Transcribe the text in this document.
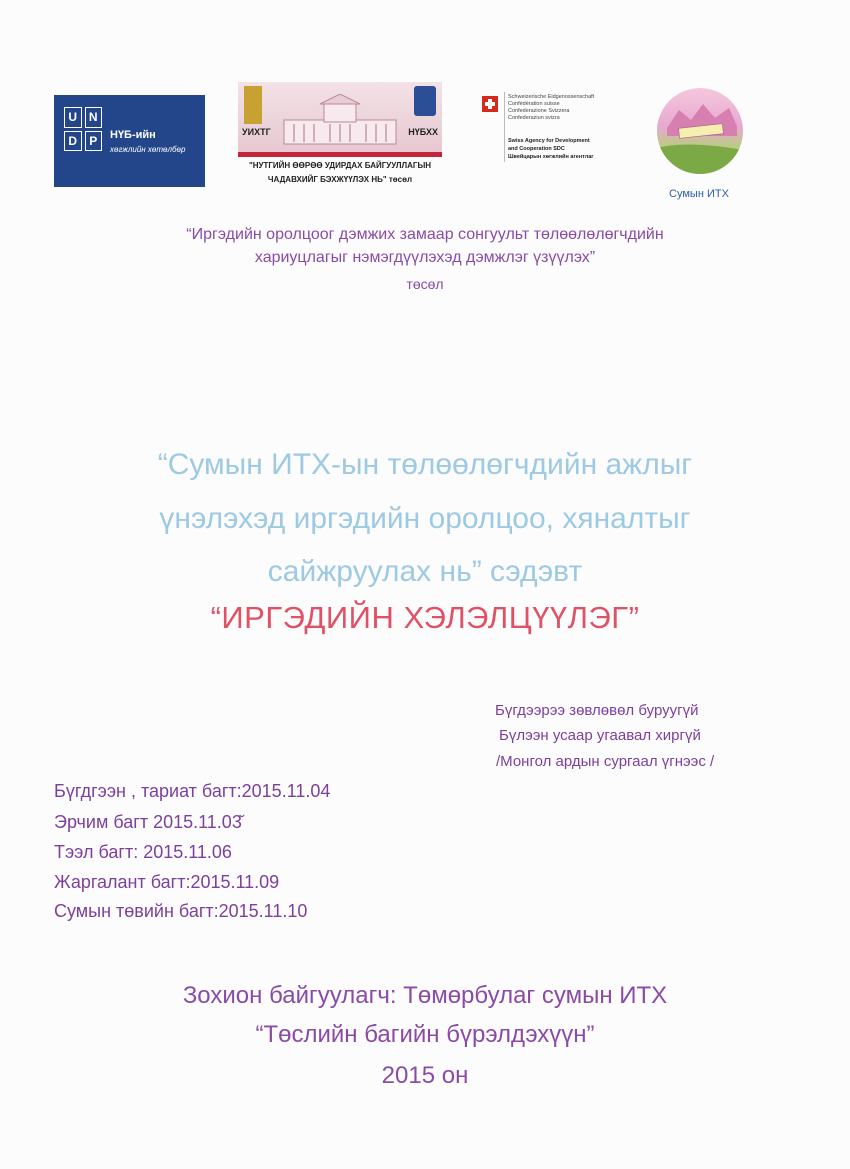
U N
D	P	НҮБ-ийн
хөгжлийн хөтөлбөр
УИХТГ	НҮБХХ
"НУТГИЙН ӨӨРӨӨ УДИРДАХ БАЙГУУЛЛАГЫН
ЧАДАВХИЙГ БЭХЖҮҮЛЭХ НЬ" төсөл
Schweizerische Eidgenossenschaft
Confédération suisse
Confederazione Svizzera
Confederaziun svizra
Swiss Agency for Development
and Cooperation SDC
Швейцарын хөгжлийн агентлаг
Сумын ИТХ
“Иргэдийн оролцоог дэмжих замаар сонгуульт төлөөлөлөгчдийн
хариуцлагыг нэмэгдүүлэхэд дэмжлэг үзүүлэх”
төсөл
“Сумын ИТХ-ын төлөөлөгчдийн ажлыг
үнэлэхэд иргэдийн оролцоо, хяналтыг
сайжруулах нь” сэдэвт
“ИРГЭДИЙН ХЭЛЭЛЦҮҮЛЭГ”
Бүгдээрээ зөвлөвөл буруугүй
Бүлээн усаар угаавал хиргүй
/Монгол ардын сургаал үгнээс /
Бүгдгээн , тариат багт:2015.11.04
Эрчим багт 2015.11.03̆
Тээл багт: 2015.11.06
Жаргалант багт:2015.11.09
Сумын төвийн багт:2015.11.10
Зохион байгуулагч: Төмөрбулаг сумын ИТХ
“Төслийн багийн бүрэлдэхүүн”
2015 он
